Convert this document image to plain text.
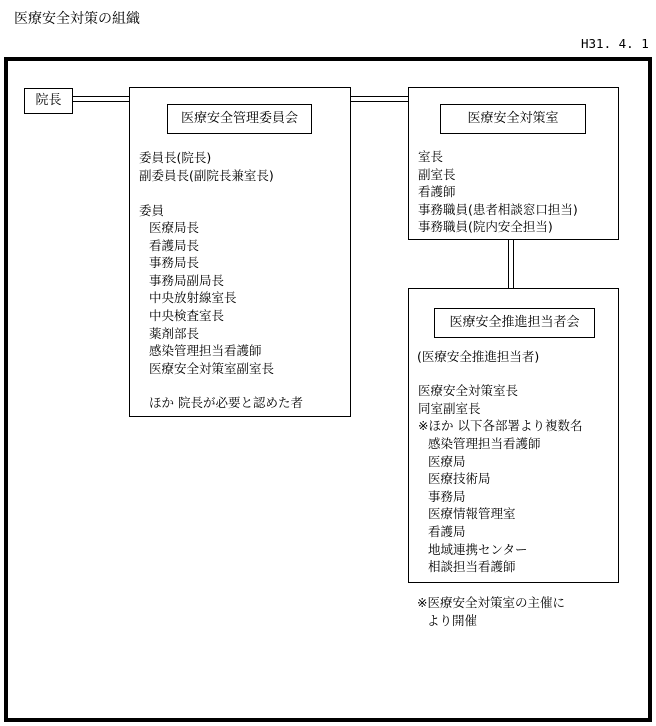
医療安全対策の組織
H31. 4. 1
院長
医療安全管理委員会
委員長(院長)
副委員長(副院長兼室長)
委員
医療局長
看護局長
事務局長
事務局副局長
中央放射線室長
中央検査室長
薬剤部長
感染管理担当看護師
医療安全対策室副室長
ほか 院長が必要と認めた者
医療安全対策室
室長
副室長
看護師
事務職員(患者相談窓口担当)
事務職員(院内安全担当)
医療安全推進担当者会
(医療安全推進担当者)
医療安全対策室長
同室副室長
※ほか 以下各部署より複数名
感染管理担当看護師
医療局
医療技術局
事務局
医療情報管理室
看護局
地域連携センター
相談担当看護師
※医療安全対策室の主催に
より開催
